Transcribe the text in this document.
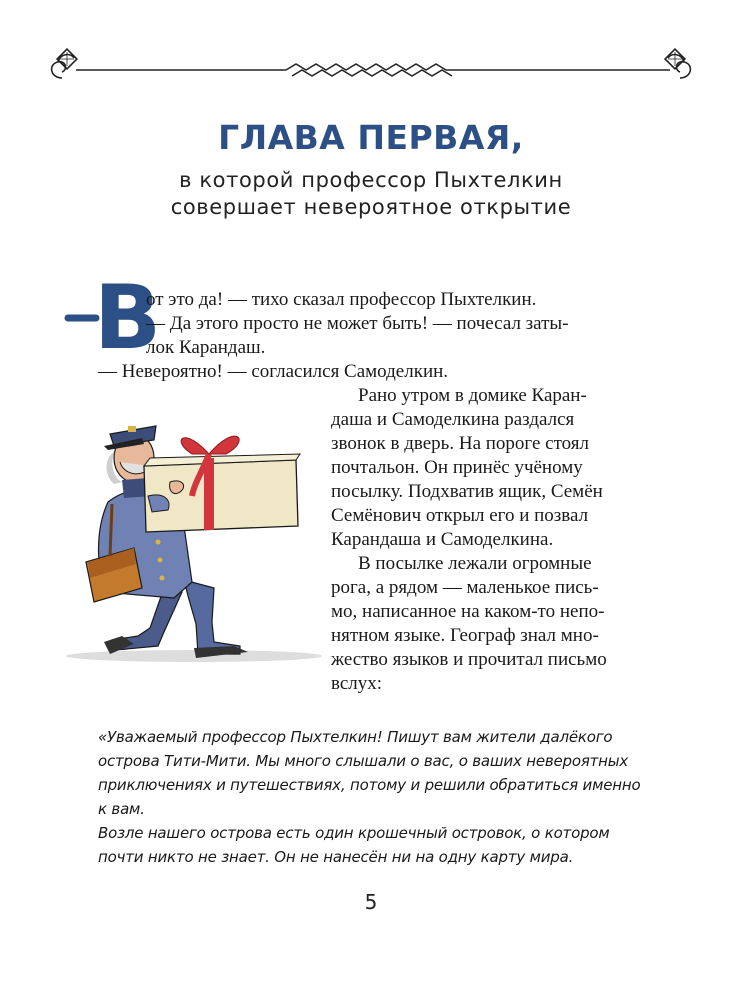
ГЛАВА ПЕРВАЯ,
в которой профессор Пыхтелкин
совершает невероятное открытие
В
от это да! — тихо сказал профессор Пыхтелкин.
— Да этого просто не может быть! — почесал заты-
лок Карандаш.
— Невероятно! — согласился Самоделкин.
Рано утром в домике Каран-
даша и Самоделкина раздался
звонок в дверь. На пороге стоял
почтальон. Он принёс учёному
посылку. Подхватив ящик, Семён
Семёнович открыл его и позвал
Карандаша и Самоделкина.
В посылке лежали огромные
рога, а рядом — маленькое пись-
мо, написанное на каком-то непо-
нятном языке. Географ знал мно-
жество языков и прочитал письмо
вслух:
«Уважаемый профессор Пыхтелкин! Пишут вам жители далёкого
острова Тити-Мити. Мы много слышали о вас, о ваших невероятных
приключениях и путешествиях, потому и решили обратиться именно
к вам.
Возле нашего острова есть один крошечный островок, о котором
почти никто не знает. Он не нанесён ни на одну карту мира.
5
